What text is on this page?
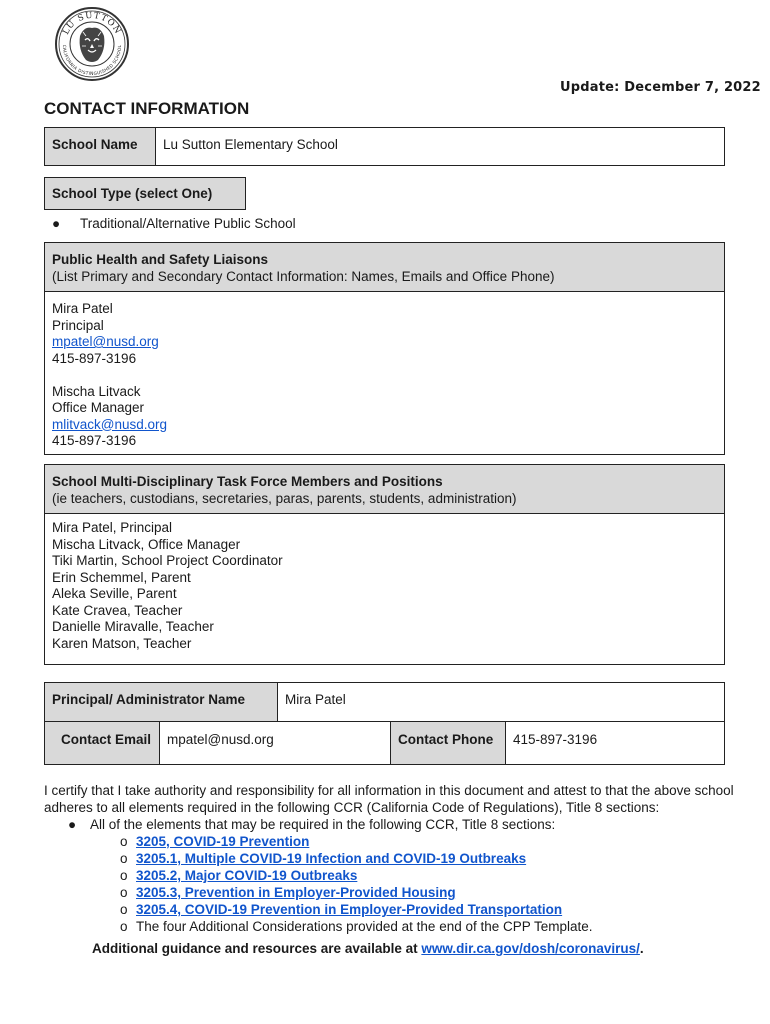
LU SUTTON
CALIFORNIA DISTINGUISHED SCHOOL
Update: December 7, 2022
CONTACT INFORMATION
School Name	Lu Sutton Elementary School
School Type (select One)
● Traditional/Alternative Public School
Public Health and Safety Liaisons
(List Primary and Secondary Contact Information: Names, Emails and Office Phone)
Mira Patel
Principal
mpatel@nusd.org
415-897-3196
Mischa Litvack
Office Manager
mlitvack@nusd.org
415-897-3196
School Multi-Disciplinary Task Force Members and Positions
(ie teachers, custodians, secretaries, paras, parents, students, administration)
Mira Patel, Principal
Mischa Litvack, Office Manager
Tiki Martin, School Project Coordinator
Erin Schemmel, Parent
Aleka Seville, Parent
Kate Cravea, Teacher
Danielle Miravalle, Teacher
Karen Matson, Teacher
Principal/ Administrator Name	Mira Patel
Contact Email	mpatel@nusd.org	Contact Phone	415-897-3196

I certify that I take authority and responsibility for all information in this document and attest to that the above school adheres to all elements required in the following CCR (California Code of Regulations), Title 8 sections:

● All of the elements that may be required in the following CCR, Title 8 sections:
o 3205, COVID-19 Prevention
o 3205.1, Multiple COVID-19 Infection and COVID-19 Outbreaks
o 3205.2, Major COVID-19 Outbreaks
o 3205.3, Prevention in Employer-Provided Housing
o 3205.4, COVID-19 Prevention in Employer-Provided Transportation
o The four Additional Considerations provided at the end of the CPP Template.

Additional guidance and resources are available at www.dir.ca.gov/dosh/coronavirus/.
